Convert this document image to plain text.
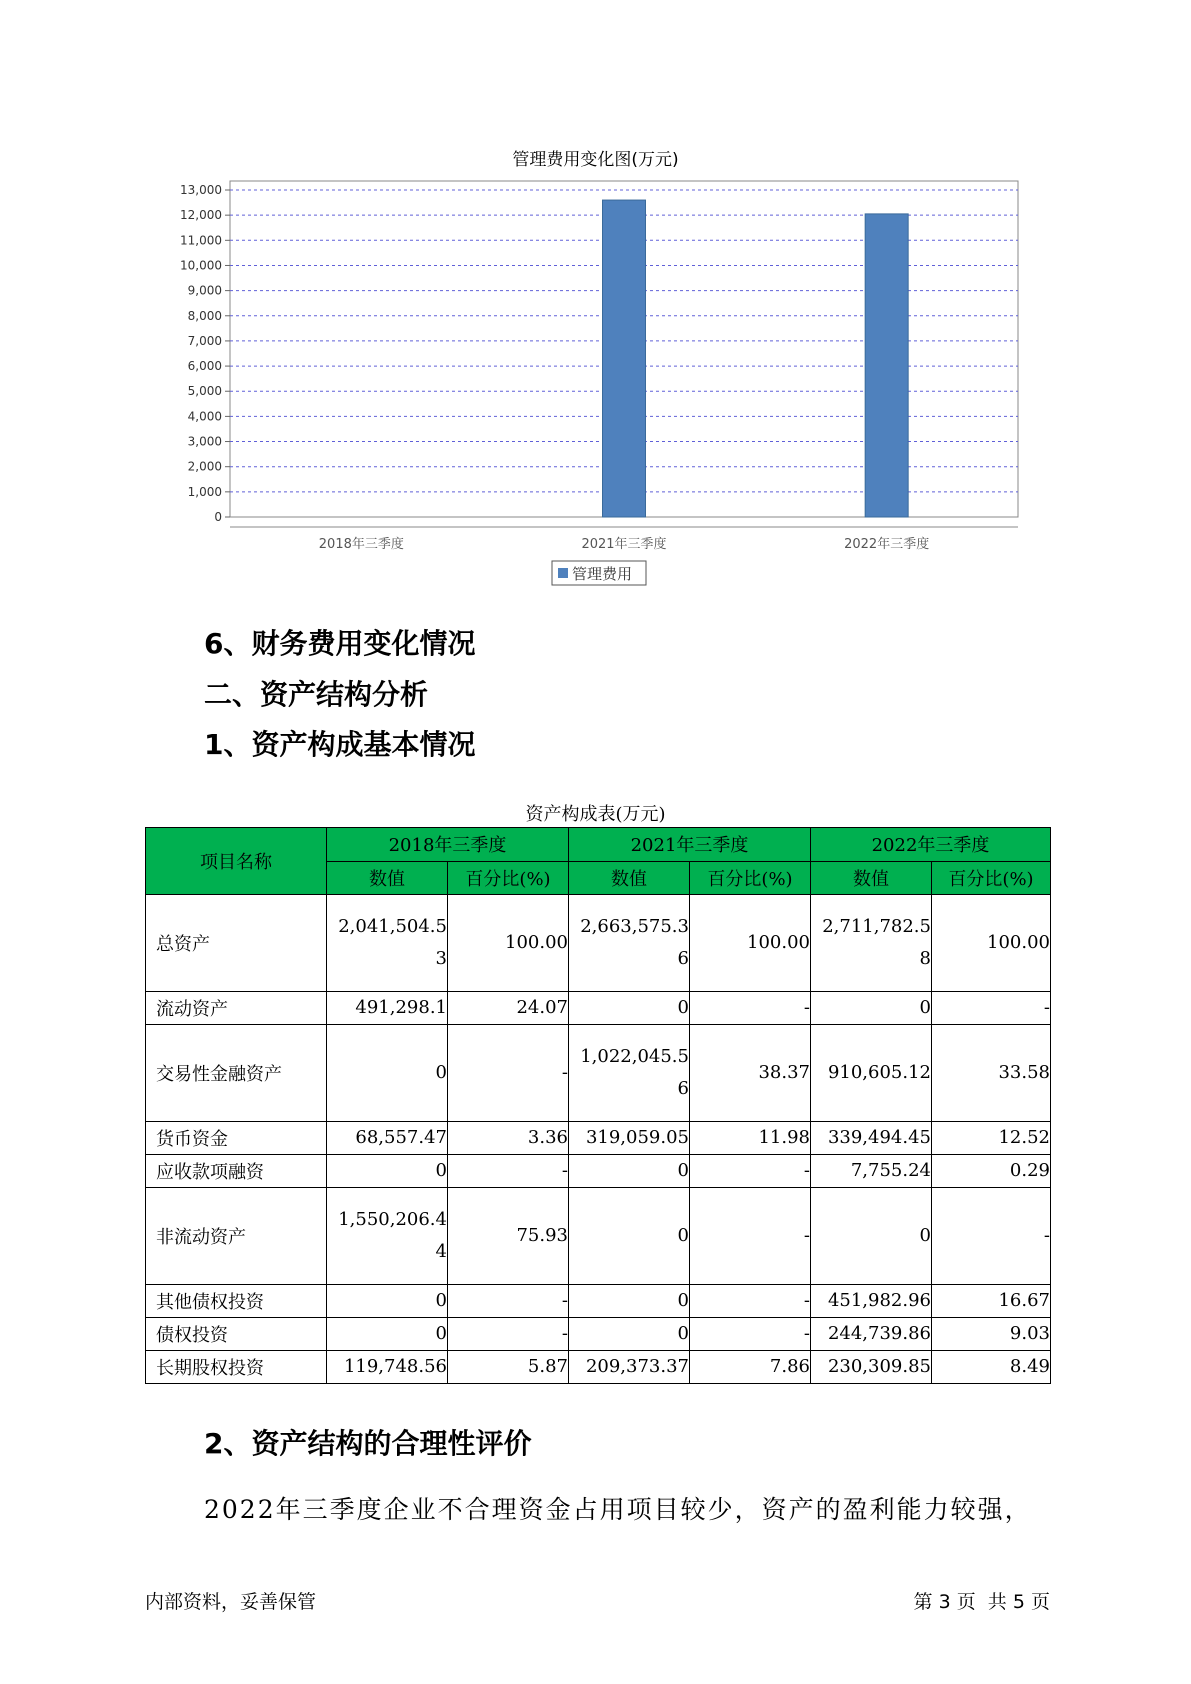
管理费用变化图(万元)
0
1,000
2,000
3,000
4,000
5,000
6,000
7,000
8,000
9,000
10,000
11,000
12,000
13,000
2018年三季度	2021年三季度	2022年三季度
管理费用
6、财务费用变化情况
二、资产结构分析
1、资产构成基本情况
资产构成表(万元)
项目名称	2018年三季度		2021年三季度		2022年三季度	
	数值	百分比(%)	数值	百分比(%)	数值	百分比(%)
总资产	2,041,504.53	100.00	2,663,575.36	100.00	2,711,782.58	100.00
流动资产	491,298.1	24.07	0	-	0	-
交易性金融资产	0	-	1,022,045.56	38.37	910,605.12	33.58
货币资金	68,557.47	3.36	319,059.05	11.98	339,494.45	12.52
应收款项融资	0	-	0	-	7,755.24	0.29
非流动资产	1,550,206.44	75.93	0	-	0	-
其他债权投资	0	-	0	-	451,982.96	16.67
债权投资	0	-	0	-	244,739.86	9.03
长期股权投资	119,748.56	5.87	209,373.37	7.86	230,309.85	8.49
2、资产结构的合理性评价
2022年三季度企业不合理资金占用项目较少，资产的盈利能力较强，
内部资料，妥善保管	第 3 页  共 5 页
